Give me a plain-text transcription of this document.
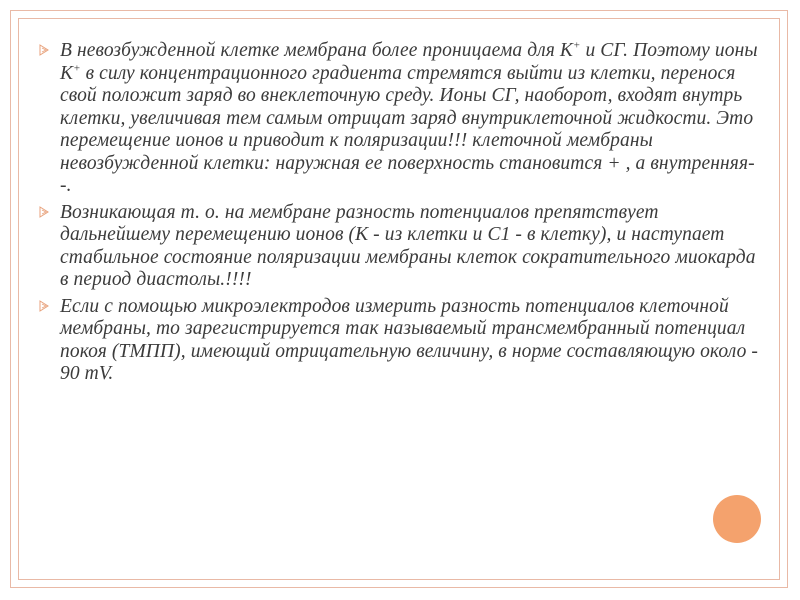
В невозбужденной клетке мембрана более проницаема для К+ и СГ. Поэтому ионы К+ в силу концентрационного градиента стремятся выйти из клетки, перенося свой положит заряд во внеклеточную среду. Ионы СГ, наоборот, входят внутрь клетки, увеличивая тем самым отрицат заряд внутриклеточной жидкости. Это перемещение ионов и приводит к поляризации!!! клеточной мембраны невозбужденной клетки: наружная ее поверхность становится + , а внутренняя- -.
Возникающая т. о. на мембране разность потенциалов препятствует дальнейшему перемещению ионов (К - из клетки и С1 - в клетку), и наступает стабильное состояние поляризации мембраны клеток сократительного миокарда в период диастолы.!!!!
Если с помощью микроэлектродов измерить разность потенциалов клеточной мембраны, то зарегистрируется так называемый трансмембранный потенциал покоя (ТМПП), имеющий отрицательную величину, в норме составляющую около - 90 mV.
